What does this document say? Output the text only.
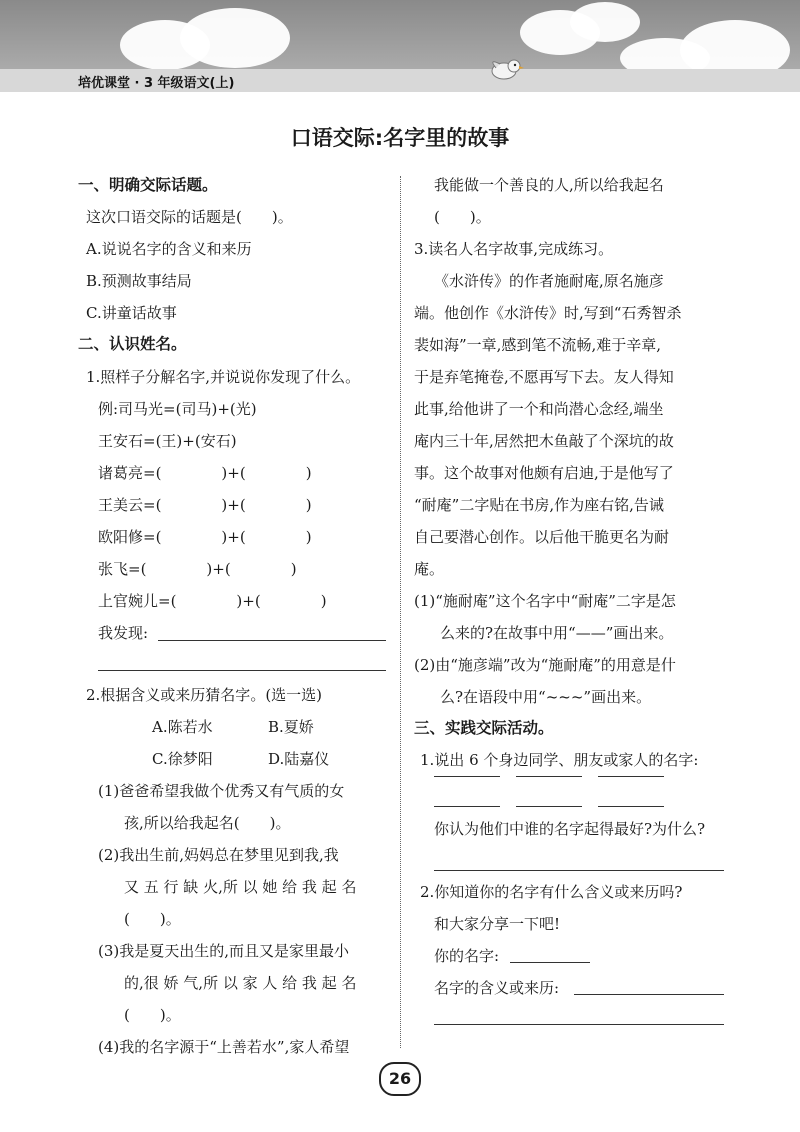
培优课堂 · 3 年级语文(上)
口语交际:名字里的故事
一、明确交际话题。
这次口语交际的话题是(　　)。
A.说说名字的含义和来历
B.预测故事结局
C.讲童话故事
二、认识姓名。
1.照样子分解名字,并说说你发现了什么。
例:司马光=(司马)+(光)
王安石=(王)+(安石)
诸葛亮=(　　　　)+(　　　　)
王美云=(　　　　)+(　　　　)
欧阳修=(　　　　)+(　　　　)
张飞=(　　　　)+(　　　　)
上官婉儿=(　　　　)+(　　　　)
我发现:
2.根据含义或来历猜名字。(选一选)
A.陈若水	B.夏娇
C.徐梦阳	D.陆嘉仪
(1)爸爸希望我做个优秀又有气质的女
孩,所以给我起名(　　)。
(2)我出生前,妈妈总在梦里见到我,我
又 五 行 缺 火,所 以 她 给 我 起 名
(　　)。
(3)我是夏天出生的,而且又是家里最小
的,很 娇 气,所 以 家 人 给 我 起 名
(　　)。
(4)我的名字源于“上善若水”,家人希望
我能做一个善良的人,所以给我起名
(　　)。
3.读名人名字故事,完成练习。
《水浒传》的作者施耐庵,原名施彦
端。他创作《水浒传》时,写到“石秀智杀
裴如海”一章,感到笔不流畅,难于辛章,
于是弃笔掩卷,不愿再写下去。友人得知
此事,给他讲了一个和尚潜心念经,端坐
庵内三十年,居然把木鱼敲了个深坑的故
事。这个故事对他颇有启迪,于是他写了
“耐庵”二字贴在书房,作为座右铭,告诫
自己要潜心创作。以后他干脆更名为耐
庵。
(1)“施耐庵”这个名字中“耐庵”二字是怎
么来的?在故事中用“——”画出来。
(2)由“施彦端”改为“施耐庵”的用意是什
么?在语段中用“~~~”画出来。
三、实践交际活动。
1.说出 6 个身边同学、朋友或家人的名字:
你认为他们中谁的名字起得最好?为什么?
2.你知道你的名字有什么含义或来历吗?
和大家分享一下吧!
你的名字:
名字的含义或来历:
26
